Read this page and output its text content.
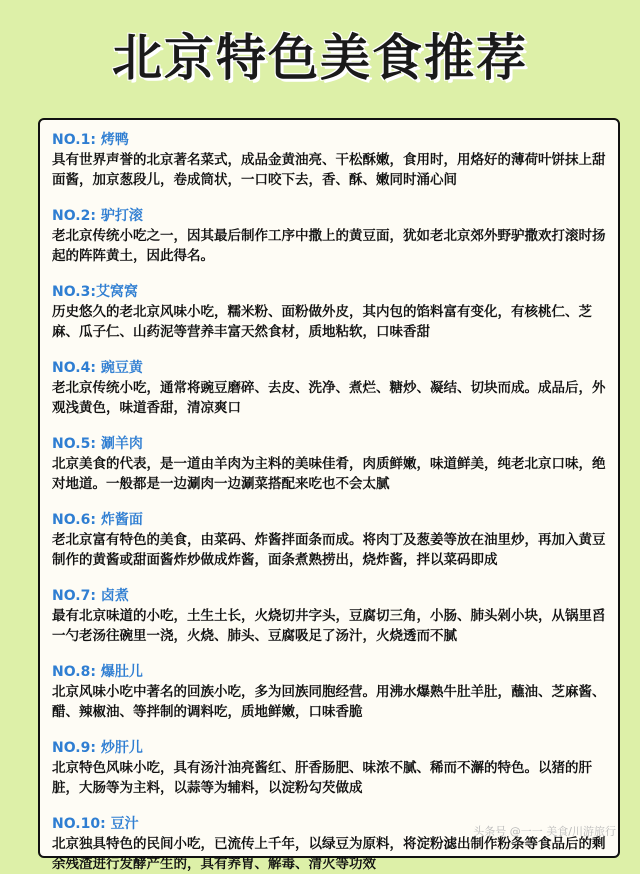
北京特色美食推荐
NO.1: 烤鸭
具有世界声誉的北京著名菜式，成品金黄油亮、干松酥嫩，食用时，用烙好的薄荷叶饼抹上甜面酱，加京葱段儿，卷成筒状，一口咬下去，香、酥、嫩同时涌心间
NO.2: 驴打滚
老北京传统小吃之一，因其最后制作工序中撒上的黄豆面，犹如老北京郊外野驴撒欢打滚时扬起的阵阵黄土，因此得名。
NO.3:艾窝窝
历史悠久的老北京风味小吃，糯米粉、面粉做外皮，其内包的馅料富有变化，有核桃仁、芝麻、瓜子仁、山药泥等营养丰富天然食材，质地粘软，口味香甜
NO.4: 豌豆黄
老北京传统小吃，通常将豌豆磨碎、去皮、洗净、煮烂、糖炒、凝结、切块而成。成品后，外观浅黄色，味道香甜，清凉爽口
NO.5: 涮羊肉
北京美食的代表，是一道由羊肉为主料的美味佳肴，肉质鲜嫩，味道鲜美，纯老北京口味，绝对地道。一般都是一边涮肉一边涮菜搭配来吃也不会太腻
NO.6: 炸酱面
老北京富有特色的美食，由菜码、炸酱拌面条而成。将肉丁及葱姜等放在油里炒，再加入黄豆制作的黄酱或甜面酱炸炒做成炸酱，面条煮熟捞出，烧炸酱，拌以菜码即成
NO.7: 卤煮
最有北京味道的小吃，土生土长，火烧切井字头，豆腐切三角，小肠、肺头剁小块，从锅里舀一勺老汤往碗里一浇，火烧、肺头、豆腐吸足了汤汁，火烧透而不腻
NO.8: 爆肚儿
北京风味小吃中著名的回族小吃，多为回族同胞经营。用沸水爆熟牛肚羊肚，蘸油、芝麻酱、醋、辣椒油、等拌制的调料吃，质地鲜嫩，口味香脆
NO.9: 炒肝儿
北京特色风味小吃，具有汤汁油亮酱红、肝香肠肥、味浓不腻、稀而不澥的特色。以猪的肝脏，大肠等为主料，以蒜等为辅料，以淀粉勾芡做成
NO.10: 豆汁
北京独具特色的民间小吃，已流传上千年，以绿豆为原料，将淀粉滤出制作粉条等食品后的剩余残渣进行发酵产生的，具有养胃、解毒、清火等功效
头条号 @一一 美食/川游旅行
